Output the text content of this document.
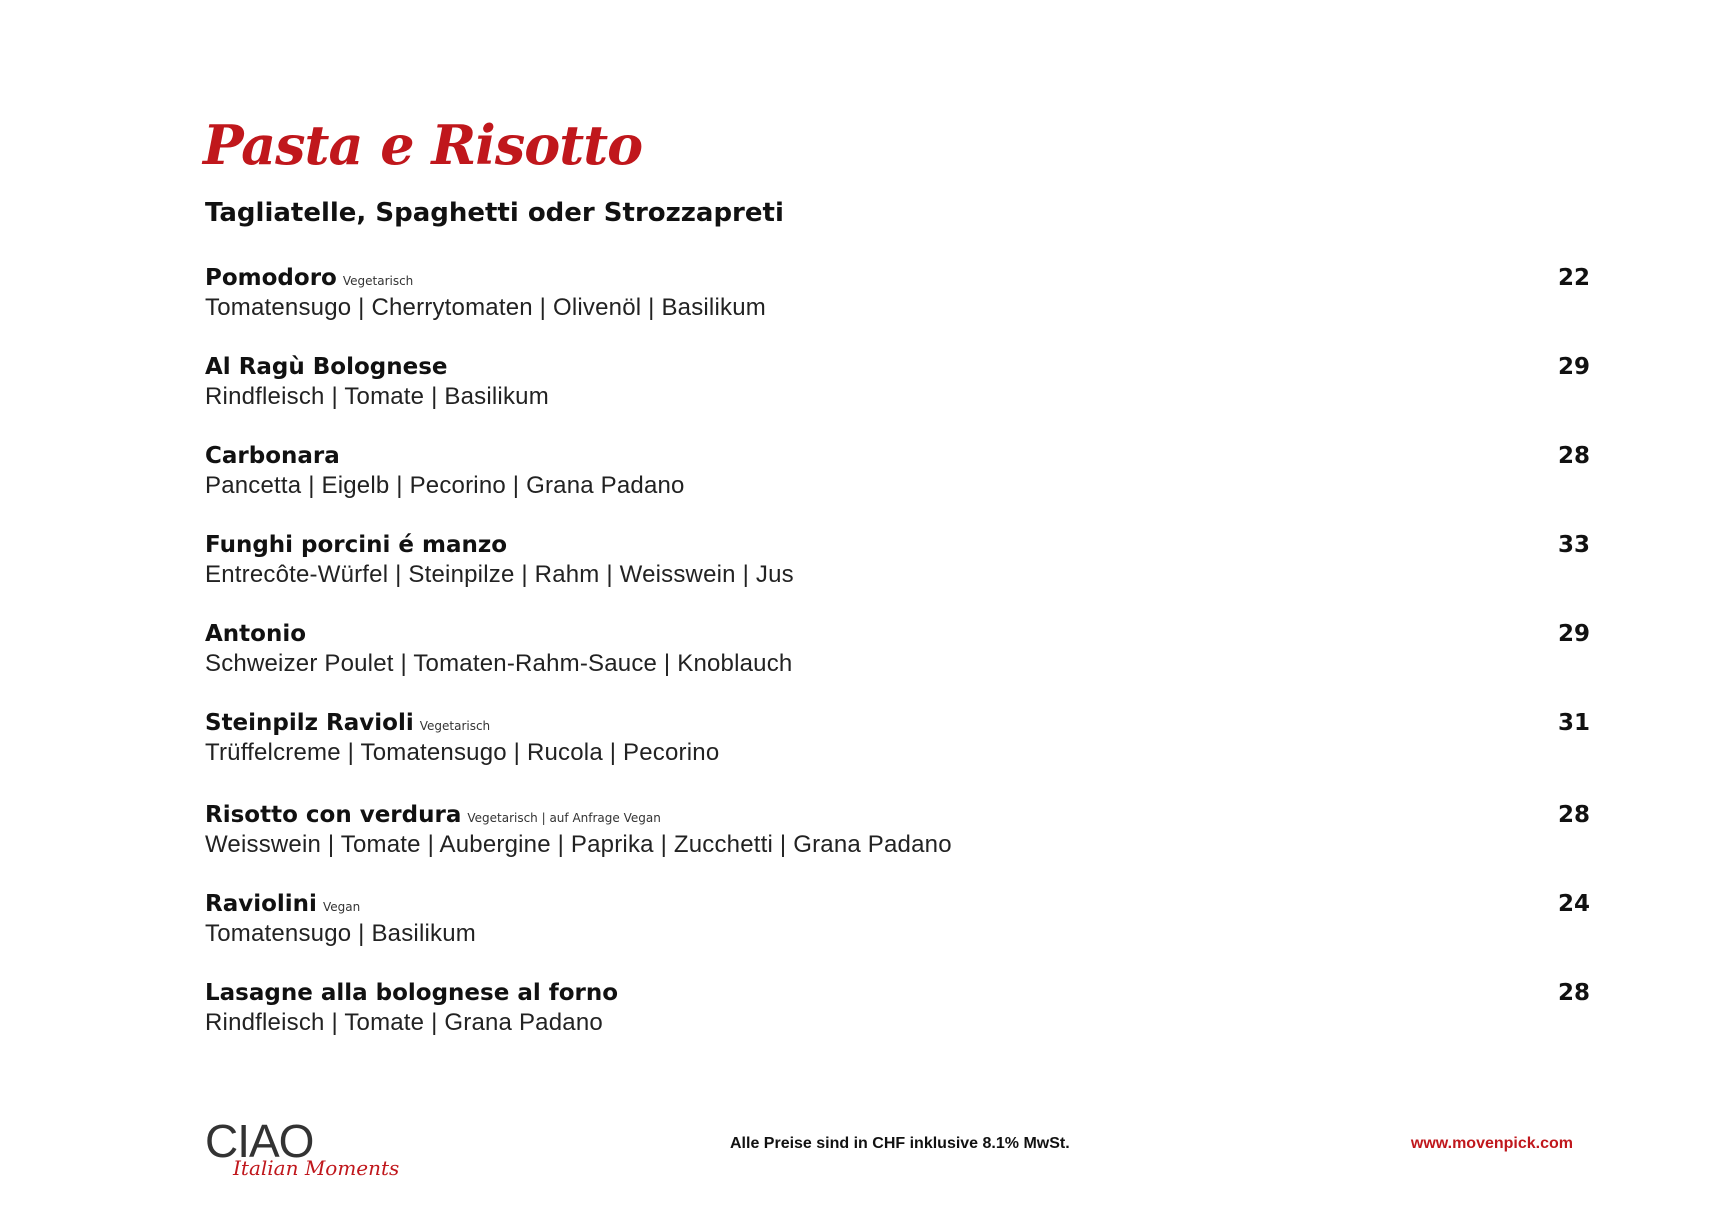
Pasta e Risotto
Tagliatelle, Spaghetti oder Strozzapreti
Pomodoro Vegetarisch
Tomatensugo | Cherrytomaten | Olivenöl | Basilikum
22
Al Ragù Bolognese
Rindfleisch | Tomate | Basilikum
29
Carbonara
Pancetta | Eigelb | Pecorino | Grana Padano
28
Funghi porcini é manzo
Entrecôte-Würfel | Steinpilze | Rahm | Weisswein | Jus
33
Antonio
Schweizer Poulet | Tomaten-Rahm-Sauce | Knoblauch
29
Steinpilz Ravioli Vegetarisch
Trüffelcreme | Tomatensugo | Rucola | Pecorino
31
Risotto con verdura Vegetarisch | auf Anfrage Vegan
Weisswein | Tomate | Aubergine | Paprika | Zucchetti | Grana Padano
28
Raviolini Vegan
Tomatensugo | Basilikum
24
Lasagne alla bolognese al forno
Rindfleisch | Tomate | Grana Padano
28
CIAO
Italian Moments
Alle Preise sind in CHF inklusive 8.1% MwSt.	www.movenpick.com
